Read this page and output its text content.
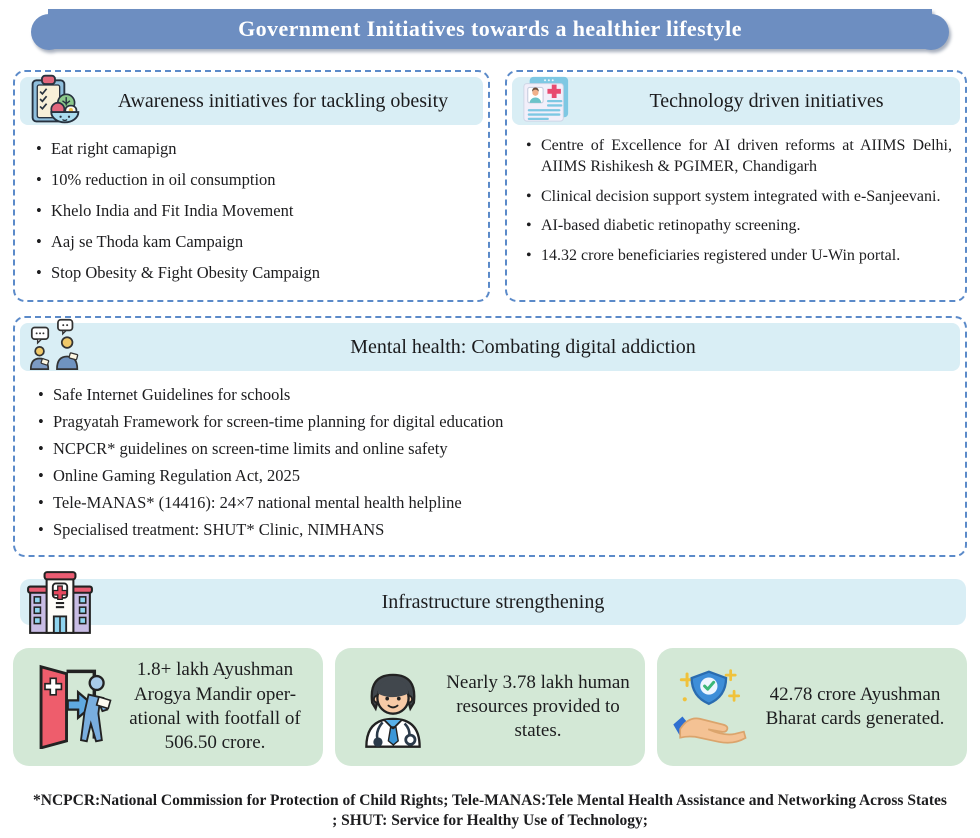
Government Initiatives towards a healthier lifestyle
Awareness initiatives for tackling obesity
• Eat right camapign
• 10% reduction in oil consumption
• Khelo India and Fit India Movement
• Aaj se Thoda kam Campaign
• Stop Obesity & Fight Obesity Campaign
Technology driven initiatives
• Centre of Excellence for AI driven reforms at AIIMS Delhi, AIIMS Rishikesh & PGIMER, Chandigarh
• Clinical decision support system integrated with e-Sanjeevani.
• AI-based diabetic retinopathy screening.
• 14.32 crore beneficiaries registered under U-Win portal.
Mental health: Combating digital addiction
• Safe Internet Guidelines for schools
• Pragyatah Framework for screen-time planning for digital education
• NCPCR* guidelines on screen-time limits and online safety
• Online Gaming Regulation Act, 2025
• Tele-MANAS* (14416): 24×7 national mental health helpline
• Specialised treatment: SHUT* Clinic, NIMHANS
Infrastructure strengthening
1.8+ lakh Ayushman Arogya Mandir oper-ational with footfall of 506.50 crore.
Nearly 3.78 lakh human resources provided to states.
42.78 crore Ayushman Bharat cards generated.
*NCPCR:National Commission for Protection of Child Rights; Tele-MANAS:Tele Mental Health Assistance and Networking Across States
; SHUT: Service for Healthy Use of Technology;
